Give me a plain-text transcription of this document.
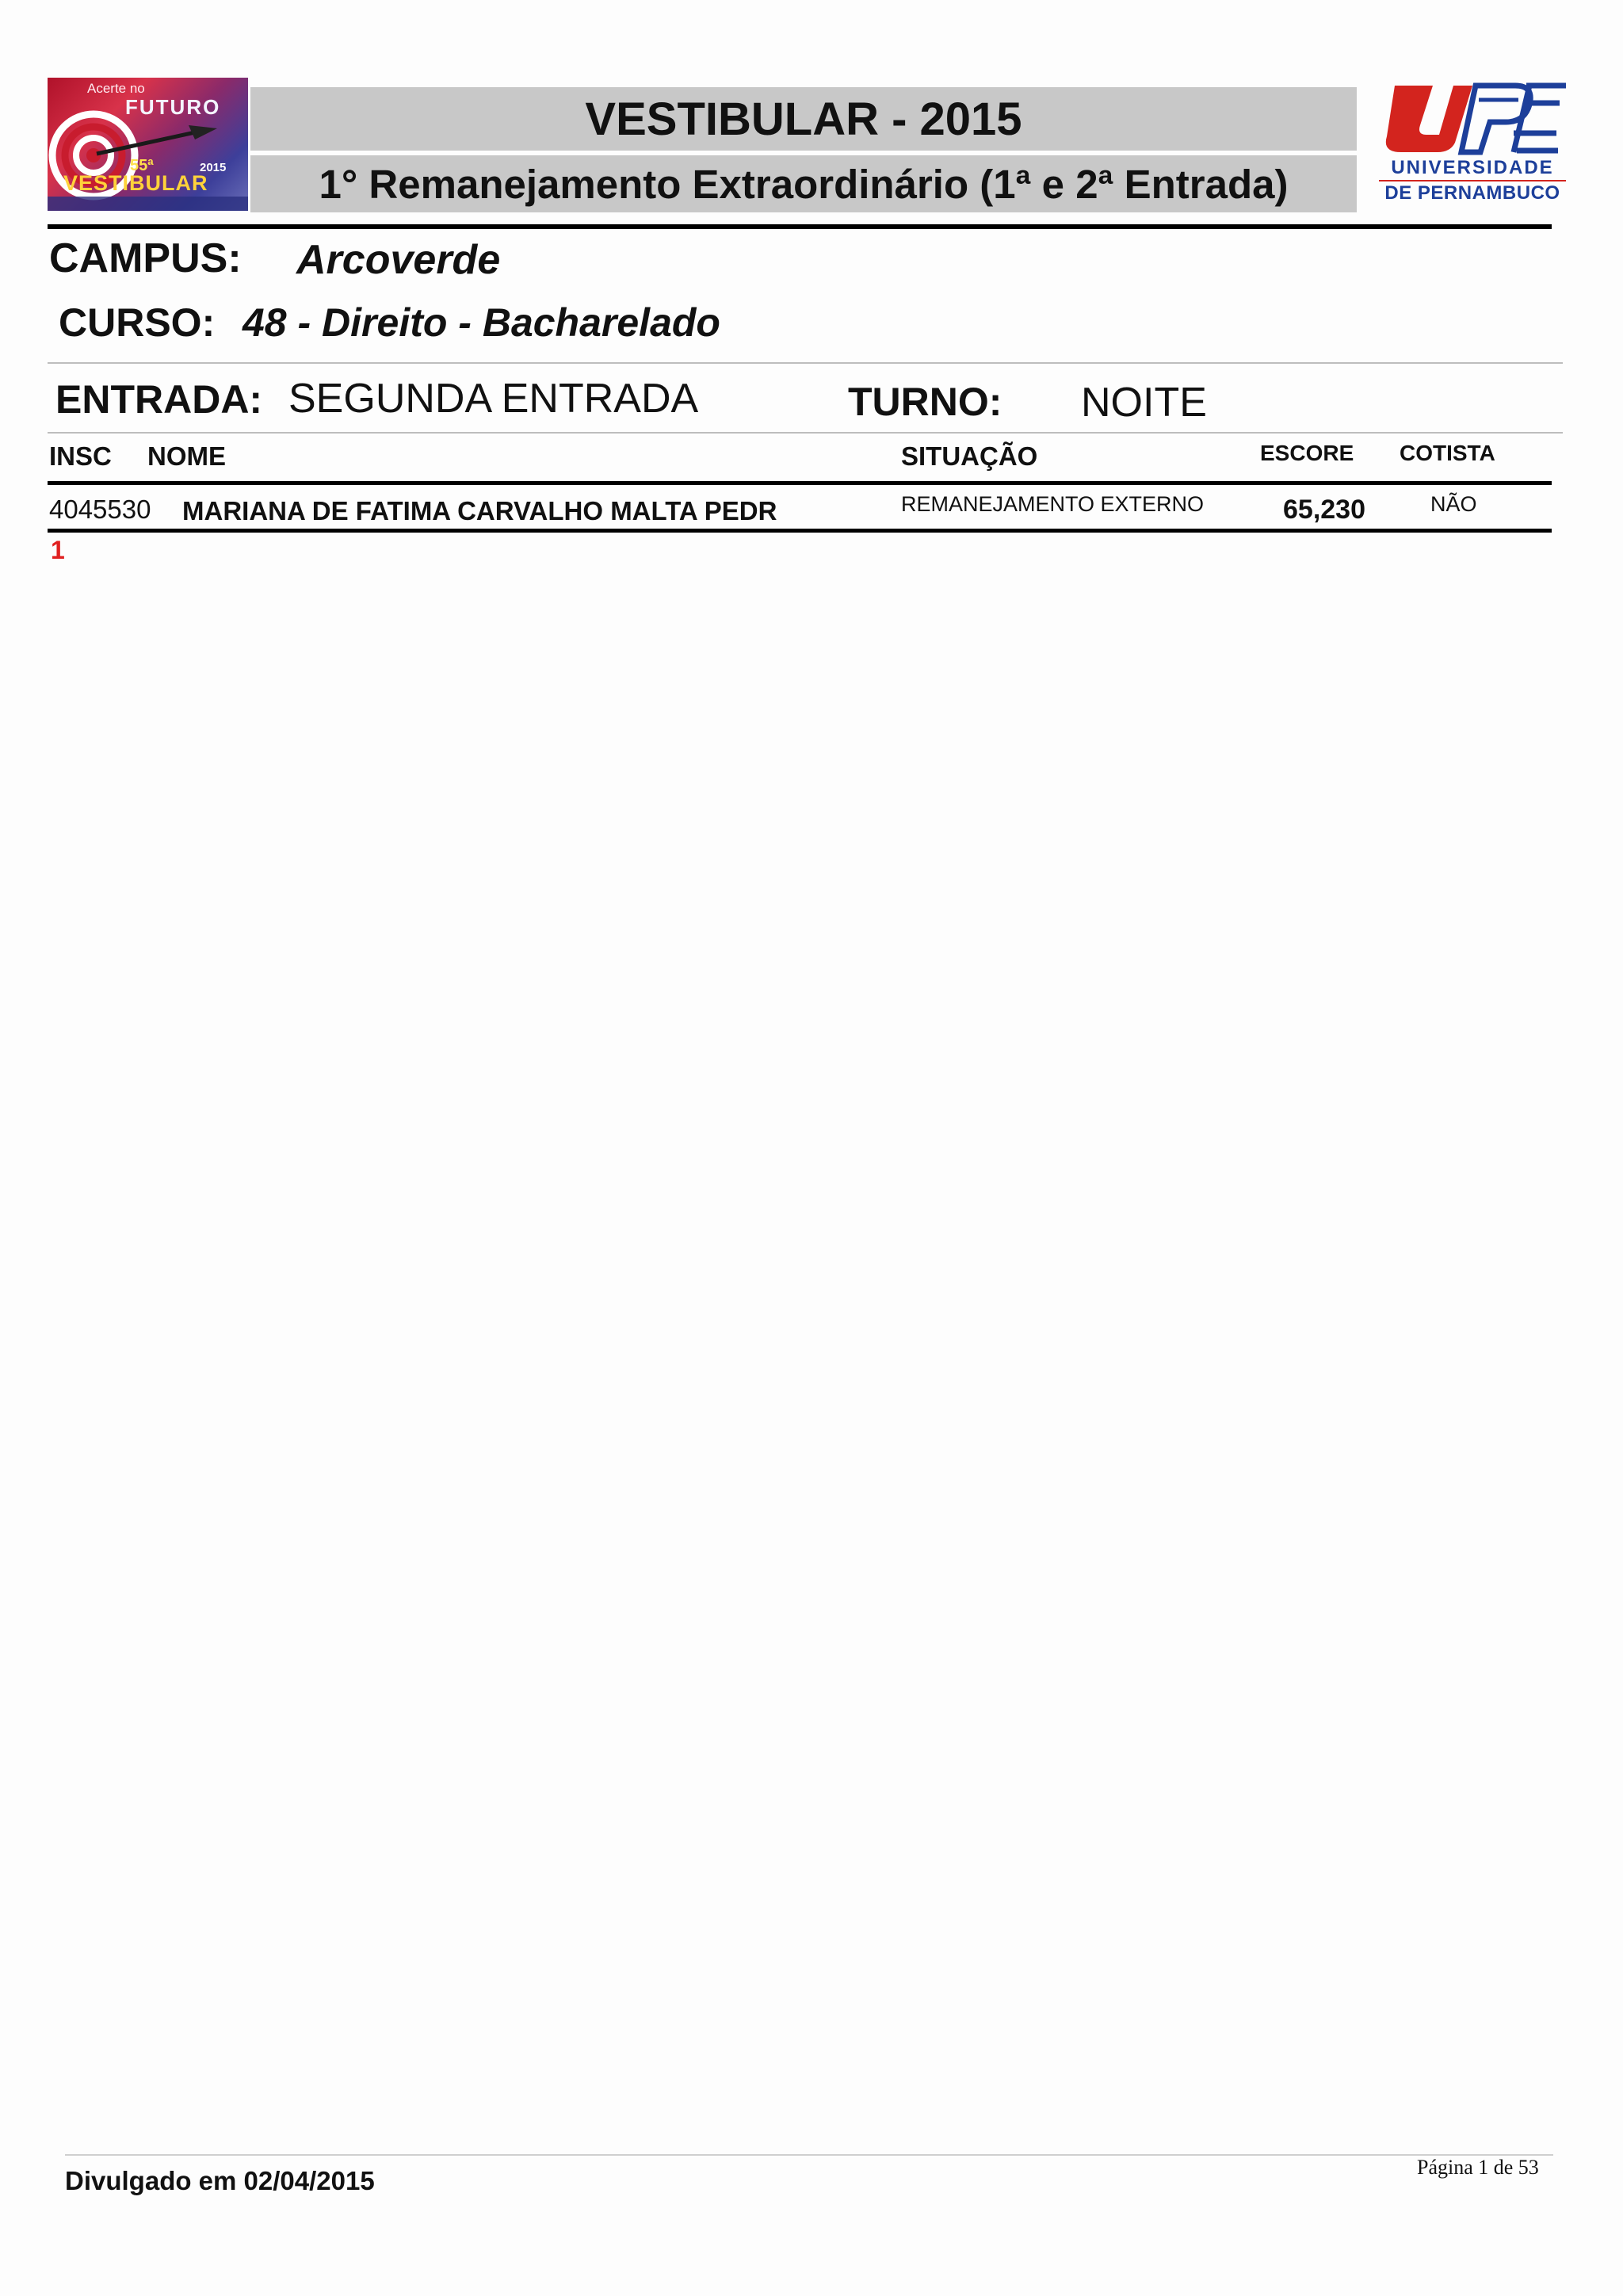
Acerte no
FUTURO
55ª	2015
VESTIBULAR
VESTIBULAR - 2015
1° Remanejamento Extraordinário (1ª e 2ª Entrada)	UNIVERSIDADE
DE PERNAMBUCO
CAMPUS: Arcoverde
CURSO: 48 - Direito - Bacharelado
ENTRADA: SEGUNDA ENTRADA	TURNO: NOITE
INSC NOME	SITUAÇÃO	ESCORE COTISTA
4045530 MARIANA DE FATIMA CARVALHO MALTA PEDR	REMANEJAMENTO EXTERNO	65,230	NÃO
1
Divulgado em 02/04/2015	Página 1 de 53
